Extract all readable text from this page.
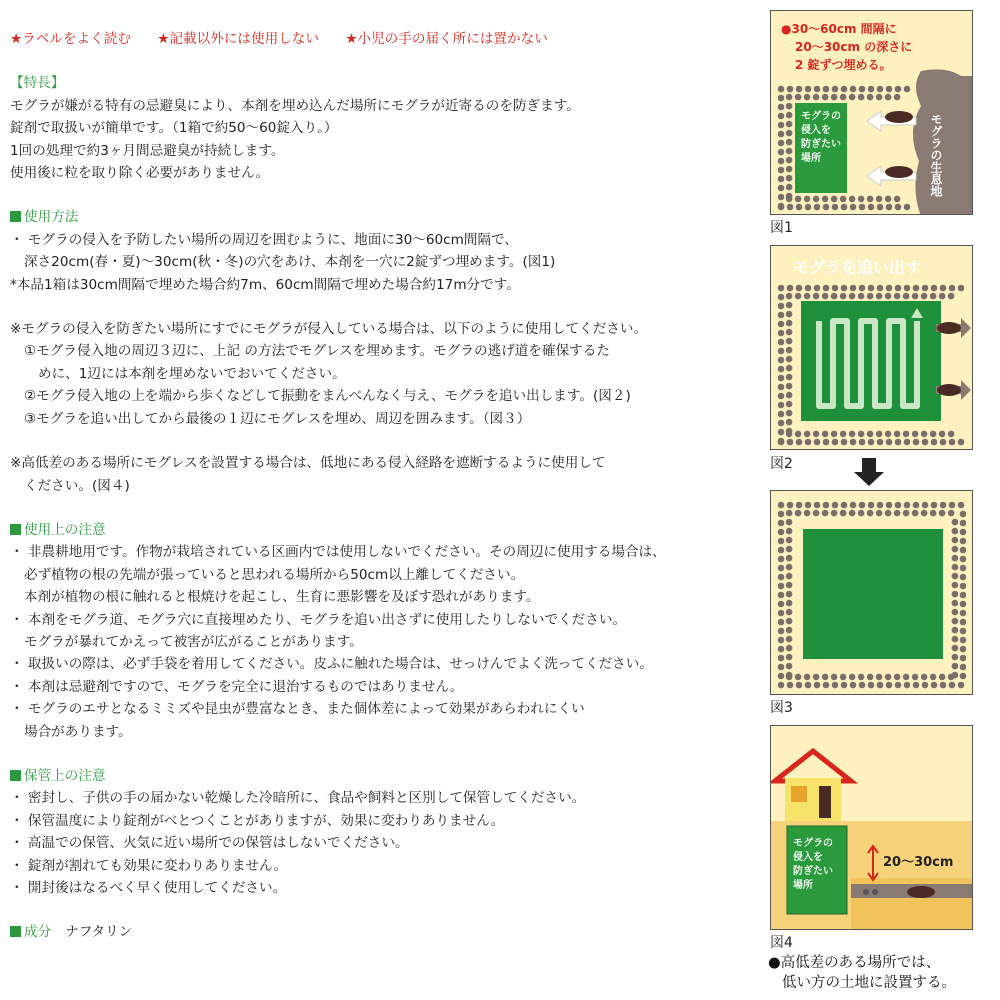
★ラベルをよく読む ★記載以外には使用しない ★小児の手の届く所には置かない

【特長】

モグラが嫌がる特有の忌避臭により、本剤を埋め込んだ場所にモグラが近寄るのを防ぎます。

錠剤で取扱いが簡単です。（1箱で約50〜60錠入り。）

1回の処理で約3ヶ月間忌避臭が持続します。

使用後に粒を取り除く必要がありません。

使用方法

・ モグラの侵入を予防したい場所の周辺を囲むように、地面に30〜60cm間隔で、

深さ20cm(春・夏)〜30cm(秋・冬)の穴をあけ、本剤を一穴に2錠ずつ埋めます。(図1)

*本品1箱は30cm間隔で埋めた場合約7m、60cm間隔で埋めた場合約17m分です。

※モグラの侵入を防ぎたい場所にすでにモグラが侵入している場合は、以下のように使用してください。

①モグラ侵入地の周辺３辺に、上記 の方法でモグレスを埋めます。モグラの逃げ道を確保するた

めに、1辺には本剤を埋めないでおいてください。

②モグラ侵入地の上を端から歩くなどして振動をまんべんなく与え、モグラを追い出します。(図２)

③モグラを追い出してから最後の１辺にモグレスを埋め、周辺を囲みます。（図３）

※高低差のある場所にモグレスを設置する場合は、低地にある侵入経路を遮断するように使用して

ください。(図４)

使用上の注意

・ 非農耕地用です。作物が栽培されている区画内では使用しないでください。その周辺に使用する場合は、

必ず植物の根の先端が張っていると思われる場所から50cm以上離してください。

本剤が植物の根に触れると根焼けを起こし、生育に悪影響を及ぼす恐れがあります。

・ 本剤をモグラ道、モグラ穴に直接埋めたり、モグラを追い出さずに使用したりしないでください。

モグラが暴れてかえって被害が広がることがあります。

・ 取扱いの際は、必ず手袋を着用してください。皮ふに触れた場合は、せっけんでよく洗ってください。

・ 本剤は忌避剤ですので、モグラを完全に退治するものではありません。

・ モグラのエサとなるミミズや昆虫が豊富なとき、また個体差によって効果があらわれにくい

場合があります。

保管上の注意

・ 密封し、子供の手の届かない乾燥した冷暗所に、食品や飼料と区別して保管してください。

・ 保管温度により錠剤がべとつくことがありますが、効果に変わりありません。

・ 高温での保管、火気に近い場所での保管はしないでください。

・ 錠剤が割れても効果に変わりありません。

・ 開封後はなるべく早く使用してください。

成分 ナフタリン

●30〜60cm 間隔に 20〜30cm の深さに 2 錠ずつ埋める。
モグラの 侵入を 防ぎたい 場所	モグラの生息地
図1
モグラを追い出す
図2
図3
モグラの 侵入を 防ぎたい 場所
20〜30cm
図4
●高低差のある場所では、
低い方の土地に設置する。
